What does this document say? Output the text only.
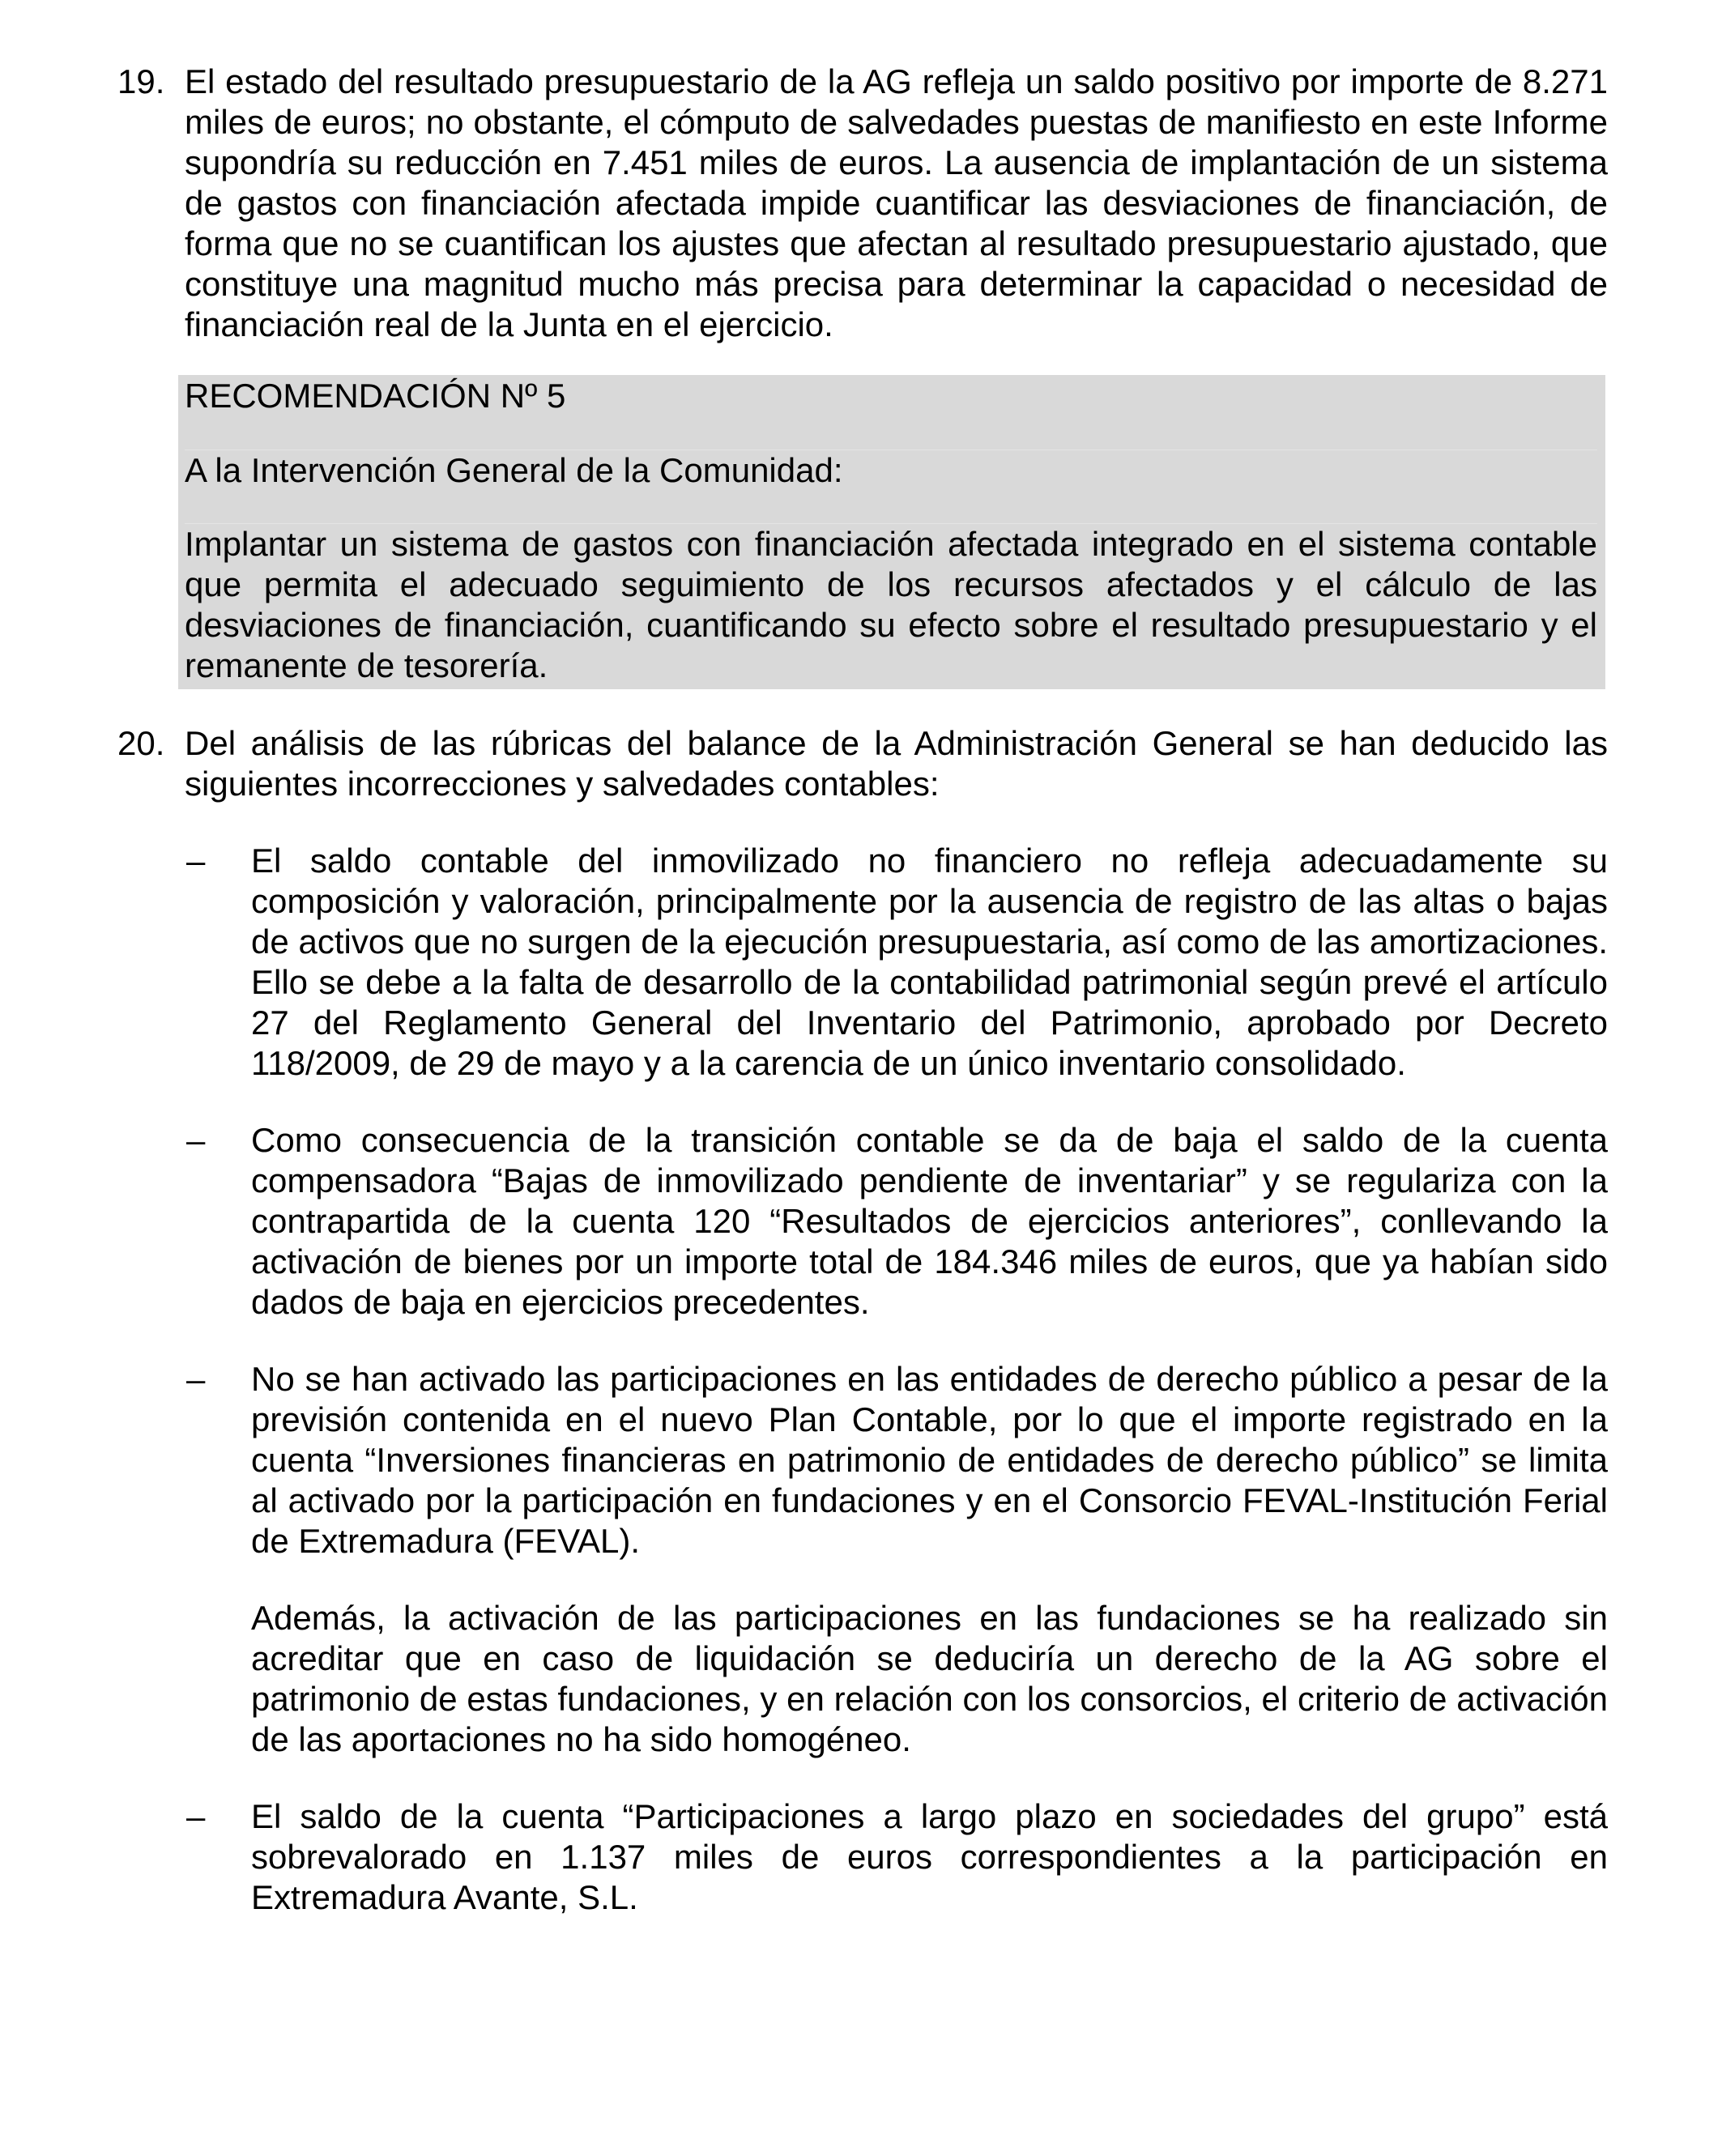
19. El estado del resultado presupuestario de la AG refleja un saldo positivo por importe de 8.271 miles de euros; no obstante, el cómputo de salvedades puestas de manifiesto en este Informe supondría su reducción en 7.451 miles de euros. La ausencia de implantación de un sistema de gastos con financiación afectada impide cuantificar las desviaciones de financiación, de forma que no se cuantifican los ajustes que afectan al resultado presupuestario ajustado, que constituye una magnitud mucho más precisa para determinar la capacidad o necesidad de financiación real de la Junta en el ejercicio.

RECOMENDACIÓN Nº 5

A la Intervención General de la Comunidad:

Implantar un sistema de gastos con financiación afectada integrado en el sistema contable que permita el adecuado seguimiento de los recursos afectados y el cálculo de las desviaciones de financiación, cuantificando su efecto sobre el resultado presupuestario y el remanente de tesorería.

20. Del análisis de las rúbricas del balance de la Administración General se han deducido las siguientes incorrecciones y salvedades contables:
– El saldo contable del inmovilizado no financiero no refleja adecuadamente su composición y valoración, principalmente por la ausencia de registro de las altas o bajas de activos que no surgen de la ejecución presupuestaria, así como de las amortizaciones. Ello se debe a la falta de desarrollo de la contabilidad patrimonial según prevé el artículo 27 del Reglamento General del Inventario del Patrimonio, aprobado por Decreto 118/2009, de 29 de mayo y a la carencia de un único inventario consolidado.
– Como consecuencia de la transición contable se da de baja el saldo de la cuenta compensadora “Bajas de inmovilizado pendiente de inventariar” y se regulariza con la contrapartida de la cuenta 120 “Resultados de ejercicios anteriores”, conllevando la activación de bienes por un importe total de 184.346 miles de euros, que ya habían sido dados de baja en ejercicios precedentes.
– No se han activado las participaciones en las entidades de derecho público a pesar de la previsión contenida en el nuevo Plan Contable, por lo que el importe registrado en la cuenta “Inversiones financieras en patrimonio de entidades de derecho público” se limita al activado por la participación en fundaciones y en el Consorcio FEVAL-Institución Ferial de Extremadura (FEVAL).
Además, la activación de las participaciones en las fundaciones se ha realizado sin acreditar que en caso de liquidación se deduciría un derecho de la AG sobre el patrimonio de estas fundaciones, y en relación con los consorcios, el criterio de activación de las aportaciones no ha sido homogéneo.
– El saldo de la cuenta “Participaciones a largo plazo en sociedades del grupo” está sobrevalorado en 1.137 miles de euros correspondientes a la participación en Extremadura Avante, S.L.
